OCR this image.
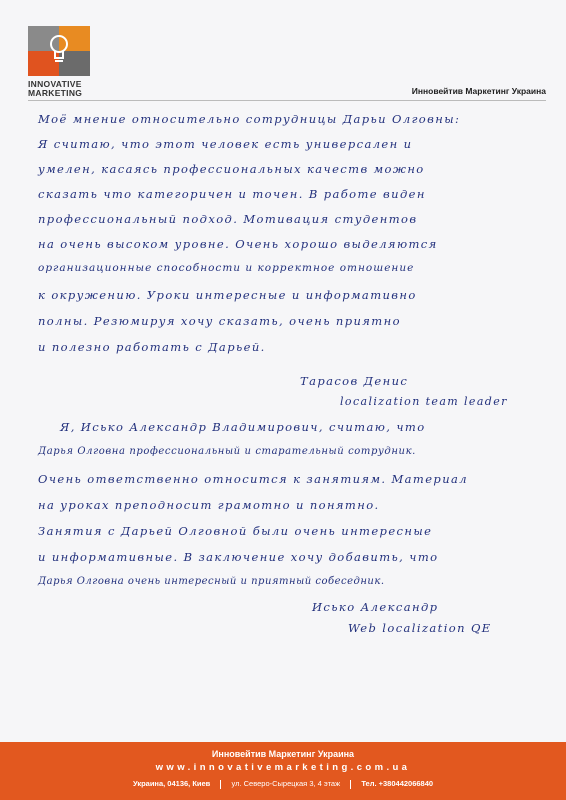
INNOVATIVE
MARKETING	Инновейтив Маркетинг Украина
Моё мнение относительно сотрудницы Дарьи Олговны:
Я считаю, что этот человек есть универсален и
умелен, касаясь профессиональных качеств можно
сказать что категоричен и точен. В работе виден
профессиональный подход. Мотивация студентов
на очень высоком уровне. Очень хорошо выделяются
организационные способности и корректное отношение
к окружению. Уроки интересные и информативно
полны. Резюмируя хочу сказать, очень приятно
и полезно работать с Дарьей.
Тарасов Денис
localization team leader
Я, Исько Александр Владимирович, считаю, что
Дарья Олговна профессиональный и старательный сотрудник.
Очень ответственно относится к занятиям. Материал
на уроках преподносит грамотно и понятно.
Занятия с Дарьей Олговной были очень интересные
и информативные. В заключение хочу добавить, что
Дарья Олговна очень интересный и приятный собеседник.
Исько Александр
Web localization QE
Инновейтив Маркетинг Украина
www.innovativemarketing.com.ua
Украина, 04136, Киев	ул. Северо-Сырецкая 3, 4 этаж	Тел. +380442066840
